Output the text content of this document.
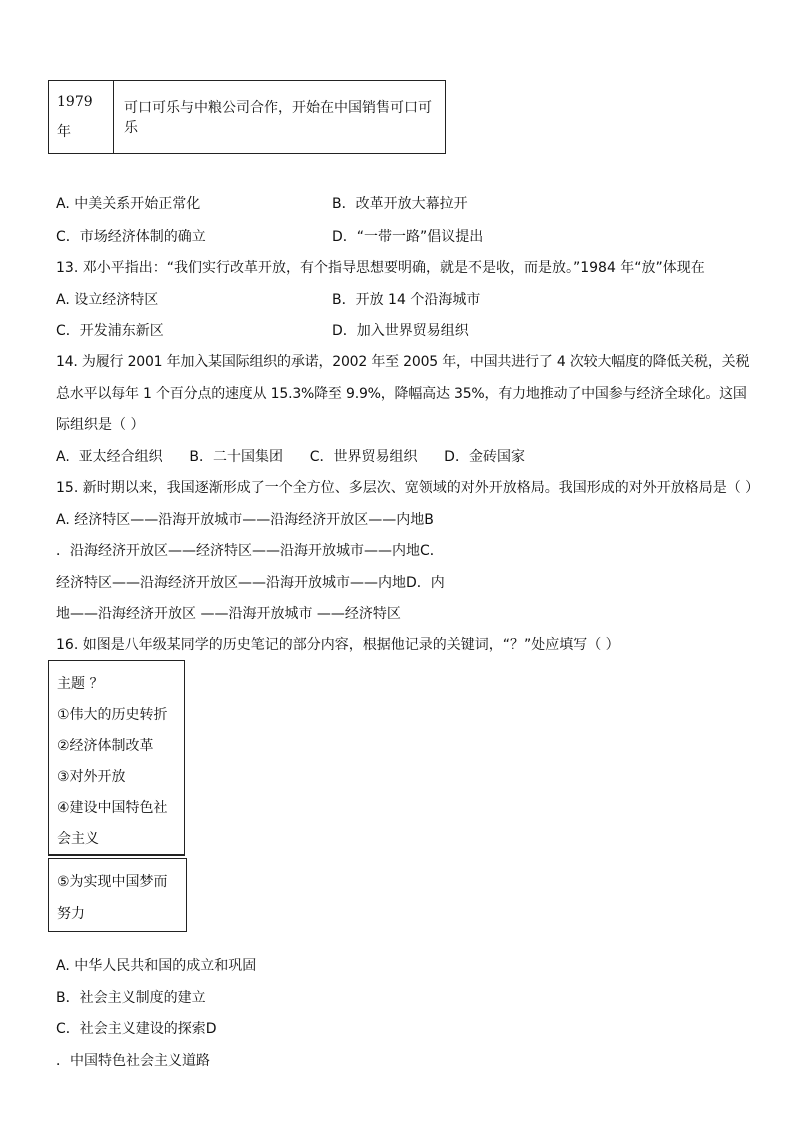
1979
年
	可口可乐与中粮公司合作，开始在中国销售可口可乐
A. 中美关系开始正常化	B．改革开放大幕拉开
C．市场经济体制的确立	D．“一带一路”倡议提出
13. 邓小平指出：“我们实行改革开放，有个指导思想要明确，就是不是收，而是放。”1984 年“放”体现在
A. 设立经济特区	B．开放 14 个沿海城市
C．开发浦东新区	D．加入世界贸易组织
14. 为履行 2001 年加入某国际组织的承诺，2002 年至 2005 年，中国共进行了 4 次较大幅度的降低关税，关税
总水平以每年 1 个百分点的速度从 15.3%降至 9.9%，降幅高达 35%，有力地推动了中国参与经济全球化。这国
际组织是（ ）
A.  亚太经合组织      B．二十国集团      C．世界贸易组织      D．金砖国家
15. 新时期以来，我国逐渐形成了一个全方位、多层次、宽领域的对外开放格局。我国形成的对外开放格局是（ ）
A. 经济特区——沿海开放城市——沿海经济开放区——内地B
．沿海经济开放区——经济特区——沿海开放城市——内地C．
经济特区——沿海经济开放区——沿海开放城市——内地D．内
地——沿海经济开放区 ——沿海开放城市 ——经济特区
16. 如图是八年级某同学的历史笔记的部分内容，根据他记录的关键词，“？”处应填写（ ）
主题 ？
①伟大的历史转折
②经济体制改革
③对外开放
④建设中国特色社
会主义
⑤为实现中国梦而
努力
A. 中华人民共和国的成立和巩固
B．社会主义制度的建立
C．社会主义建设的探索D
．中国特色社会主义道路
